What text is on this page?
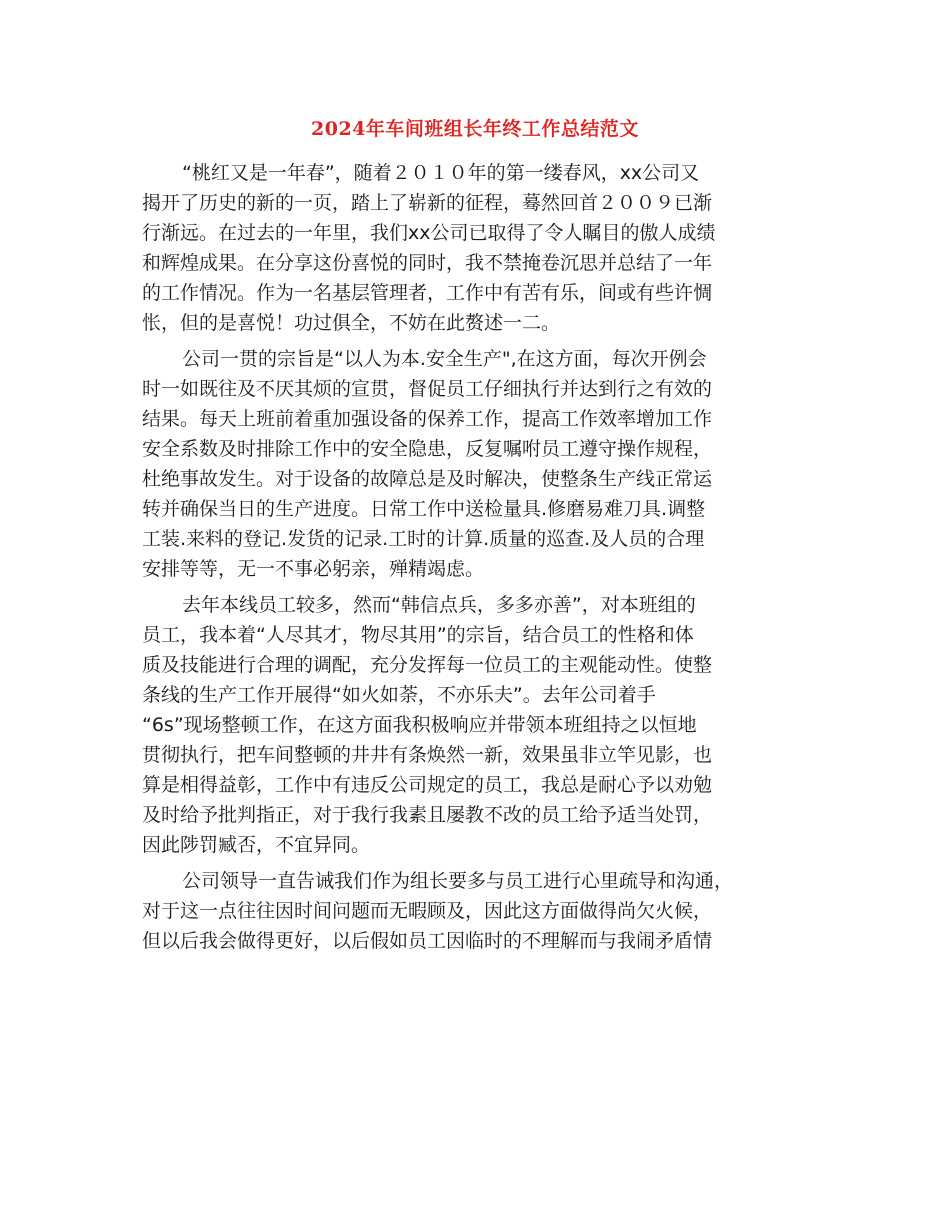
2024年车间班组长年终工作总结范文
“桃红又是一年春”，随着２０１０年的第一缕春风，xx公司又
揭开了历史的新的一页，踏上了崭新的征程，蓦然回首２００９已渐
行渐远。在过去的一年里，我们xx公司已取得了令人瞩目的傲人成绩
和辉煌成果。在分享这份喜悦的同时，我不禁掩卷沉思并总结了一年
的工作情况。作为一名基层管理者，工作中有苦有乐，间或有些许惆
怅，但的是喜悦！功过俱全，不妨在此赘述一二。
公司一贯的宗旨是“以人为本.安全生产",在这方面，每次开例会
时一如既往及不厌其烦的宣贯，督促员工仔细执行并达到行之有效的
结果。每天上班前着重加强设备的保养工作，提高工作效率增加工作
安全系数及时排除工作中的安全隐患，反复嘱咐员工遵守操作规程，
杜绝事故发生。对于设备的故障总是及时解决，使整条生产线正常运
转并确保当日的生产进度。日常工作中送检量具.修磨易难刀具.调整
工装.来料的登记.发货的记录.工时的计算.质量的巡查.及人员的合理
安排等等，无一不事必躬亲，殚精竭虑。
去年本线员工较多，然而“韩信点兵，多多亦善”，对本班组的
员工，我本着“人尽其才，物尽其用”的宗旨，结合员工的性格和体
质及技能进行合理的调配，充分发挥每一位员工的主观能动性。使整
条线的生产工作开展得“如火如荼，不亦乐夫”。去年公司着手
“6s”现场整顿工作，在这方面我积极响应并带领本班组持之以恒地
贯彻执行，把车间整顿的井井有条焕然一新，效果虽非立竿见影，也
算是相得益彰，工作中有违反公司规定的员工，我总是耐心予以劝勉
及时给予批判指正，对于我行我素且屡教不改的员工给予适当处罚，
因此陟罚臧否，不宜异同。
公司领导一直告诫我们作为组长要多与员工进行心里疏导和沟通，
对于这一点往往因时间问题而无暇顾及，因此这方面做得尚欠火候，
但以后我会做得更好，以后假如员工因临时的不理解而与我闹矛盾情
